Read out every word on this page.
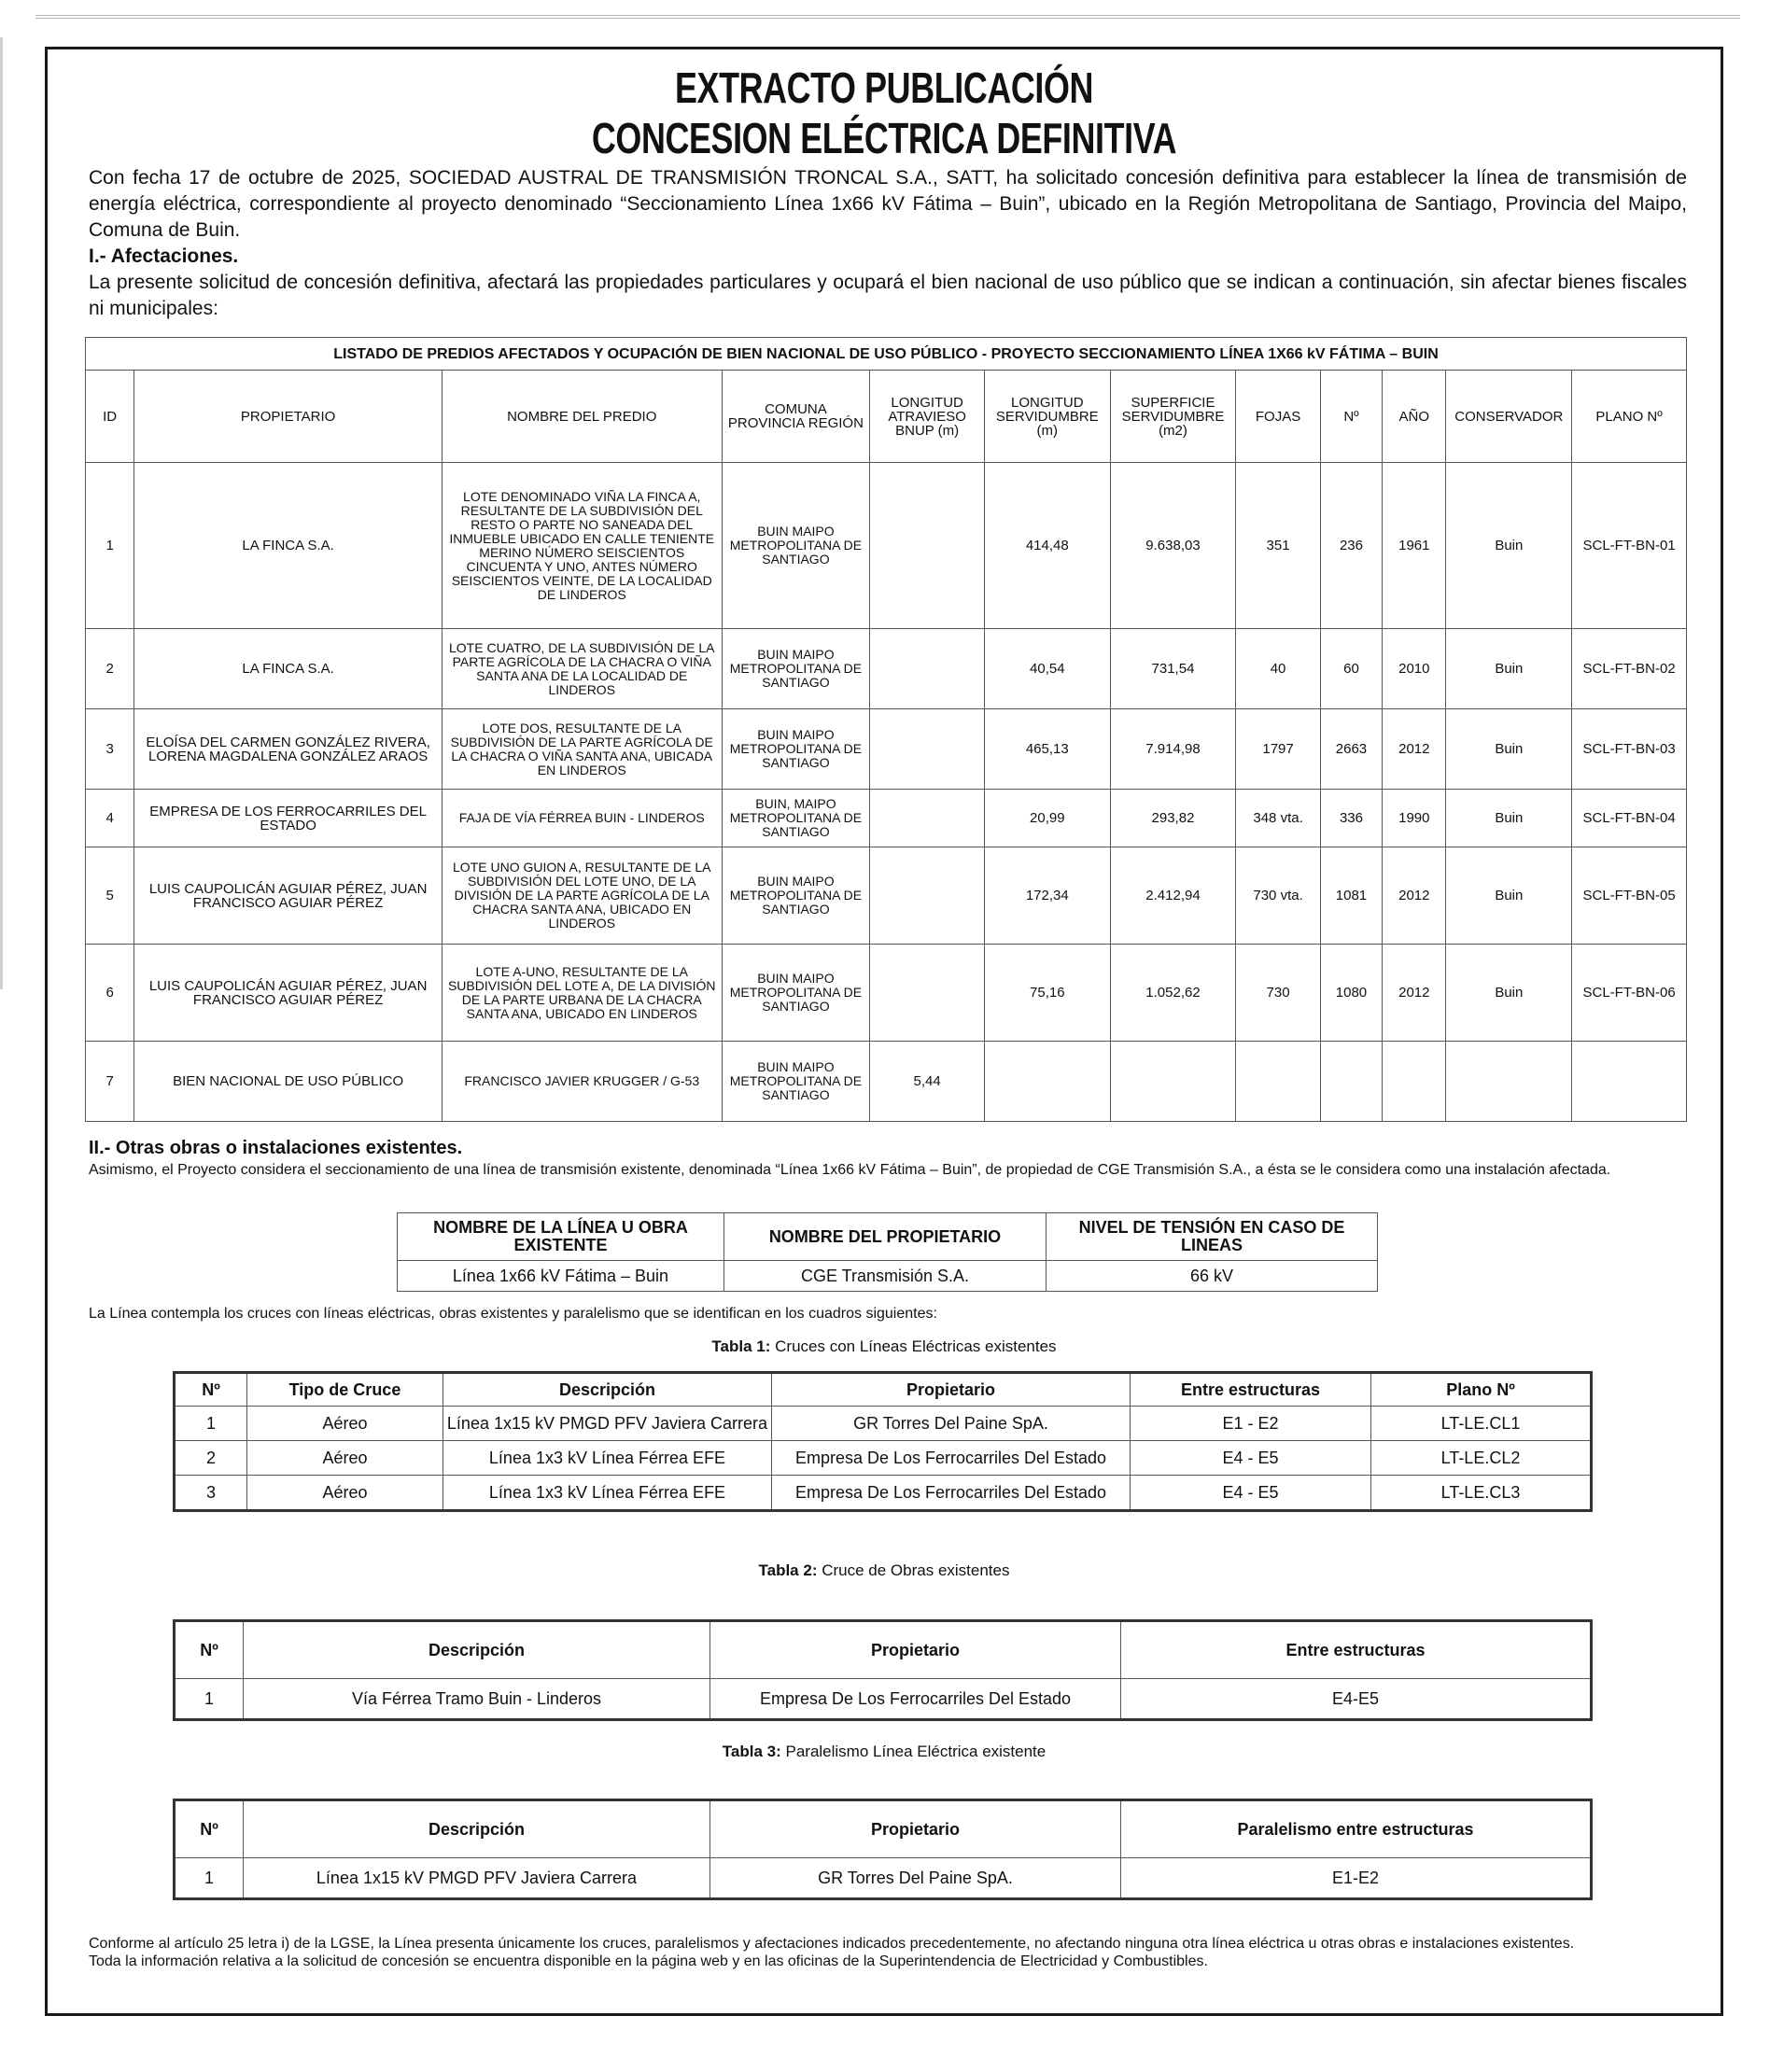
EXTRACTO PUBLICACIÓN
CONCESION ELÉCTRICA DEFINITIVA
Con fecha 17 de octubre de 2025, SOCIEDAD AUSTRAL DE TRANSMISIÓN TRONCAL S.A., SATT, ha solicitado concesión definitiva para establecer la línea de transmisión de energía eléctrica, correspondiente al proyecto denominado “Seccionamiento Línea 1x66 kV Fátima – Buin”, ubicado en la Región Metropolitana de Santiago, Provincia del Maipo, Comuna de Buin.
I.- Afectaciones.
La presente solicitud de concesión definitiva, afectará las propiedades particulares y ocupará el bien nacional de uso público que se indican a continuación, sin afectar bienes fiscales ni municipales:
LISTADO DE PREDIOS AFECTADOS Y OCUPACIÓN DE BIEN NACIONAL DE USO PÚBLICO - PROYECTO SECCIONAMIENTO LÍNEA 1X66 kV FÁTIMA – BUIN											
ID	PROPIETARIO	NOMBRE DEL PREDIO	COMUNA PROVINCIA REGIÓN	LONGITUD ATRAVIESO BNUP (m)	LONGITUD SERVIDUMBRE (m)	SUPERFICIE SERVIDUMBRE (m2)	FOJAS	Nº	AÑO	CONSERVADOR	PLANO Nº
1	LA FINCA S.A.	LOTE DENOMINADO VIÑA LA FINCA A, RESULTANTE DE LA SUBDIVISIÓN DEL RESTO O PARTE NO SANEADA DEL INMUEBLE UBICADO EN CALLE TENIENTE MERINO NÚMERO SEISCIENTOS CINCUENTA Y UNO, ANTES NÚMERO SEISCIENTOS VEINTE, DE LA LOCALIDAD DE LINDEROS	BUIN MAIPO METROPOLITANA DE SANTIAGO		414,48	9.638,03	351	236	1961	Buin	SCL-FT-BN-01
2	LA FINCA S.A.	LOTE CUATRO, DE LA SUBDIVISIÓN DE LA PARTE AGRÍCOLA DE LA CHACRA O VIÑA SANTA ANA DE LA LOCALIDAD DE LINDEROS	BUIN MAIPO METROPOLITANA DE SANTIAGO		40,54	731,54	40	60	2010	Buin	SCL-FT-BN-02
3	ELOÍSA DEL CARMEN GONZÁLEZ RIVERA, LORENA MAGDALENA GONZÁLEZ ARAOS	LOTE DOS, RESULTANTE DE LA SUBDIVISIÓN DE LA PARTE AGRÍCOLA DE LA CHACRA O VIÑA SANTA ANA, UBICADA EN LINDEROS	BUIN MAIPO METROPOLITANA DE SANTIAGO		465,13	7.914,98	1797	2663	2012	Buin	SCL-FT-BN-03
4	EMPRESA DE LOS FERROCARRILES DEL ESTADO	FAJA DE VÍA FÉRREA BUIN - LINDEROS	BUIN, MAIPO METROPOLITANA DE SANTIAGO		20,99	293,82	348 vta.	336	1990	Buin	SCL-FT-BN-04
5	LUIS CAUPOLICÁN AGUIAR PÉREZ, JUAN FRANCISCO AGUIAR PÉREZ	LOTE UNO GUION A, RESULTANTE DE LA SUBDIVISIÓN DEL LOTE UNO, DE LA DIVISIÓN DE LA PARTE AGRÍCOLA DE LA CHACRA SANTA ANA, UBICADO EN LINDEROS	BUIN MAIPO METROPOLITANA DE SANTIAGO		172,34	2.412,94	730 vta.	1081	2012	Buin	SCL-FT-BN-05
6	LUIS CAUPOLICÁN AGUIAR PÉREZ, JUAN FRANCISCO AGUIAR PÉREZ	LOTE A-UNO, RESULTANTE DE LA SUBDIVISIÓN DEL LOTE A, DE LA DIVISIÓN DE LA PARTE URBANA DE LA CHACRA SANTA ANA, UBICADO EN LINDEROS	BUIN MAIPO METROPOLITANA DE SANTIAGO		75,16	1.052,62	730	1080	2012	Buin	SCL-FT-BN-06
7	BIEN NACIONAL DE USO PÚBLICO	FRANCISCO JAVIER KRUGGER / G-53	BUIN MAIPO METROPOLITANA DE SANTIAGO	5,44							
II.- Otras obras o instalaciones existentes.
Asimismo, el Proyecto considera el seccionamiento de una línea de transmisión existente, denominada “Línea 1x66 kV Fátima – Buin”, de propiedad de CGE Transmisión S.A., a ésta se le considera como una instalación afectada.
NOMBRE DE LA LÍNEA U OBRA EXISTENTE	NOMBRE DEL PROPIETARIO	NIVEL DE TENSIÓN EN CASO DE LINEAS
Línea 1x66 kV Fátima – Buin	CGE Transmisión S.A.	66 kV
La Línea contempla los cruces con líneas eléctricas, obras existentes y paralelismo que se identifican en los cuadros siguientes:
Tabla 1: Cruces con Líneas Eléctricas existentes
Nº	Tipo de Cruce	Descripción	Propietario	Entre estructuras	Plano Nº
1	Aéreo	Línea 1x15 kV PMGD PFV Javiera Carrera	GR Torres Del Paine SpA.	E1 - E2	LT-LE.CL1
2	Aéreo	Línea 1x3 kV Línea Férrea EFE	Empresa De Los Ferrocarriles Del Estado	E4 - E5	LT-LE.CL2
3	Aéreo	Línea 1x3 kV Línea Férrea EFE	Empresa De Los Ferrocarriles Del Estado	E4 - E5	LT-LE.CL3
Tabla 2: Cruce de Obras existentes
Nº	Descripción	Propietario	Entre estructuras
1	Vía Férrea Tramo Buin - Linderos	Empresa De Los Ferrocarriles Del Estado	E4-E5
Tabla 3: Paralelismo Línea Eléctrica existente
Nº	Descripción	Propietario	Paralelismo entre estructuras
1	Línea 1x15 kV PMGD PFV Javiera Carrera	GR Torres Del Paine SpA.	E1-E2

Conforme al artículo 25 letra i) de la LGSE, la Línea presenta únicamente los cruces, paralelismos y afectaciones indicados precedentemente, no afectando ninguna otra línea eléctrica u otras obras e instalaciones existentes.

Toda la información relativa a la solicitud de concesión se encuentra disponible en la página web y en las oficinas de la Superintendencia de Electricidad y Combustibles.
